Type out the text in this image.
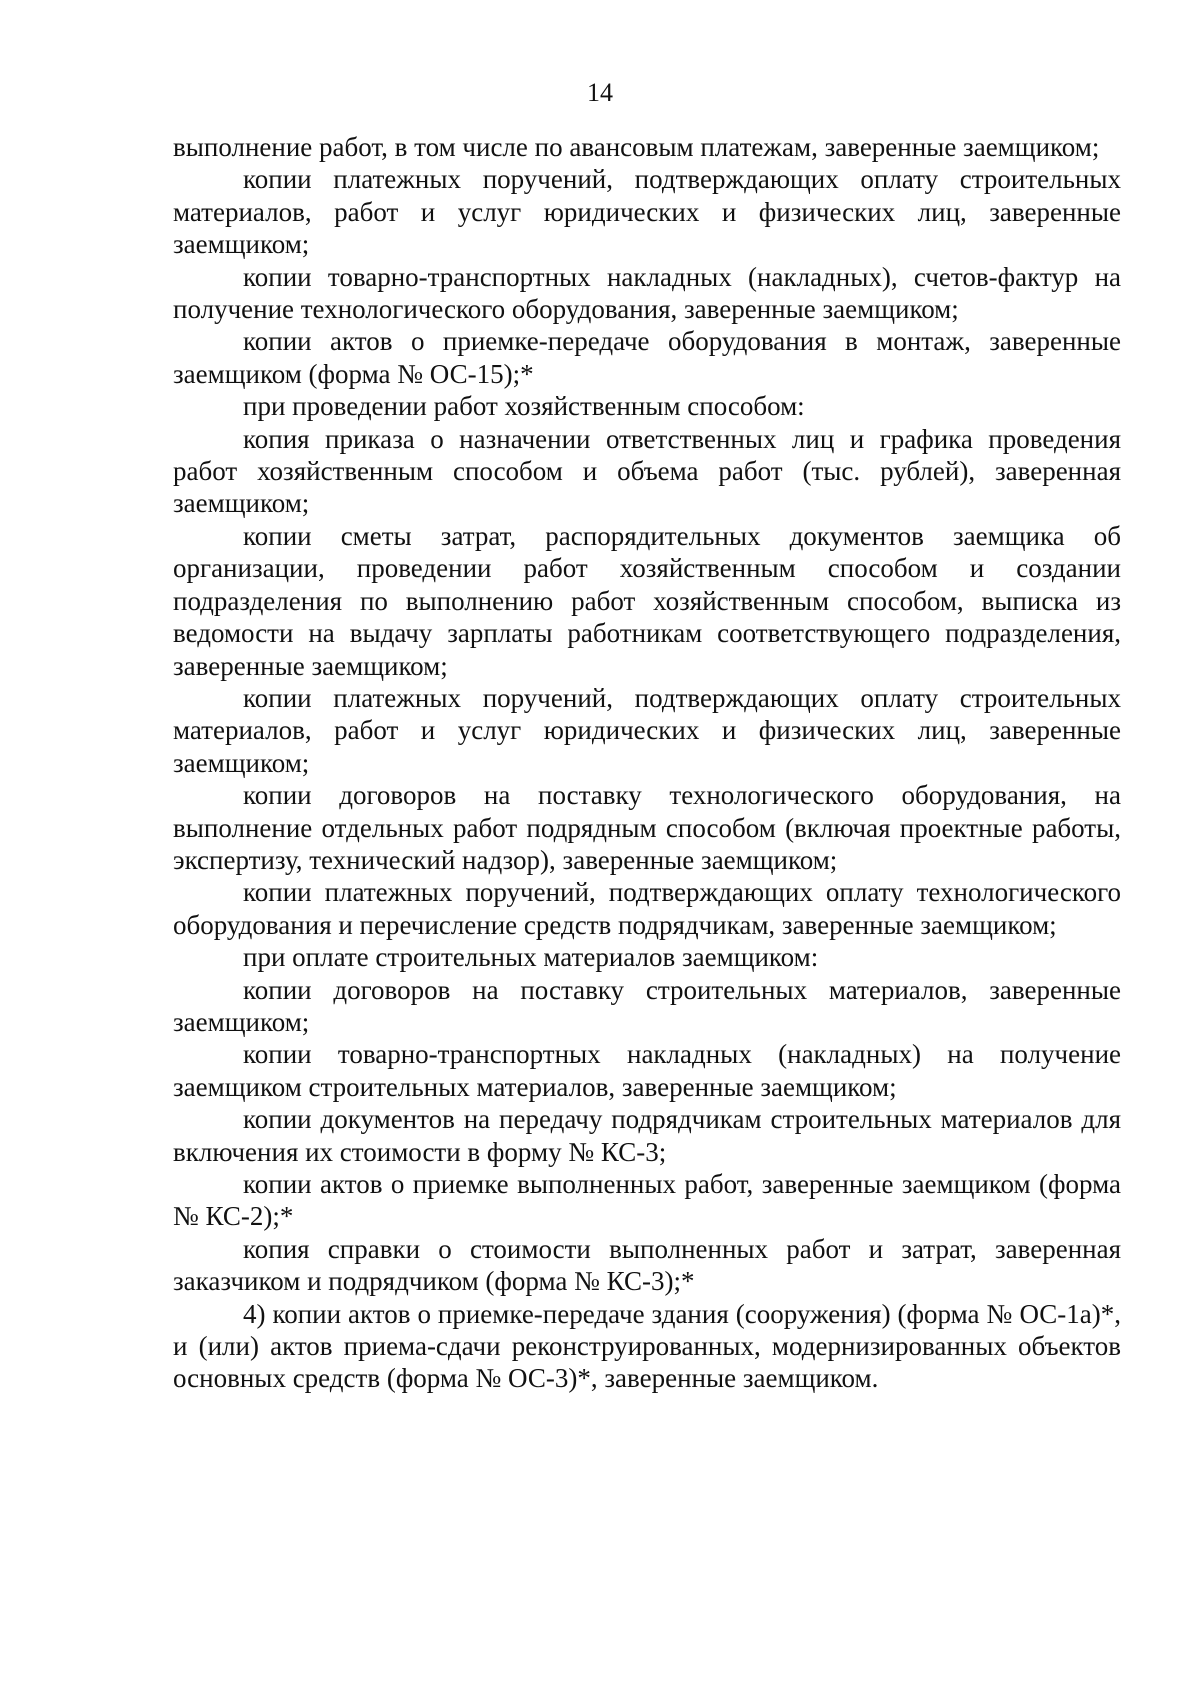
14

выполнение работ, в том числе по авансовым платежам, заверенные заемщиком;

копии платежных поручений, подтверждающих оплату строительных материалов, работ и услуг юридических и физических лиц, заверенные заемщиком;

копии товарно-транспортных накладных (накладных), счетов-фактур на получение технологического оборудования, заверенные заемщиком;

копии актов о приемке-передаче оборудования в монтаж, заверенные заемщиком (форма № ОС-15);*

при проведении работ хозяйственным способом:

копия приказа о назначении ответственных лиц и графика проведения работ хозяйственным способом и объема работ (тыс. рублей), заверенная заемщиком;

копии сметы затрат, распорядительных документов заемщика об организации, проведении работ хозяйственным способом и создании подразделения по выполнению работ хозяйственным способом, выписка из ведомости на выдачу зарплаты работникам соответствующего подразделения, заверенные заемщиком;

копии платежных поручений, подтверждающих оплату строительных материалов, работ и услуг юридических и физических лиц, заверенные заемщиком;

копии договоров на поставку технологического оборудования, на выполнение отдельных работ подрядным способом (включая проектные работы, экспертизу, технический надзор), заверенные заемщиком;

копии платежных поручений, подтверждающих оплату технологического оборудования и перечисление средств подрядчикам, заверенные заемщиком;

при оплате строительных материалов заемщиком:

копии договоров на поставку строительных материалов, заверенные заемщиком;

копии товарно-транспортных накладных (накладных) на получение заемщиком строительных материалов, заверенные заемщиком;

копии документов на передачу подрядчикам строительных материалов для включения их стоимости в форму № КС-3;

копии актов о приемке выполненных работ, заверенные заемщиком (форма № КС-2);*

копия справки о стоимости выполненных работ и затрат, заверенная заказчиком и подрядчиком (форма № КС-3);*

4) копии актов о приемке-передаче здания (сооружения) (форма № ОС-1а)*, и (или) актов приема-сдачи реконструированных, модернизированных объектов основных средств (форма № ОС-3)*, заверенные заемщиком.
